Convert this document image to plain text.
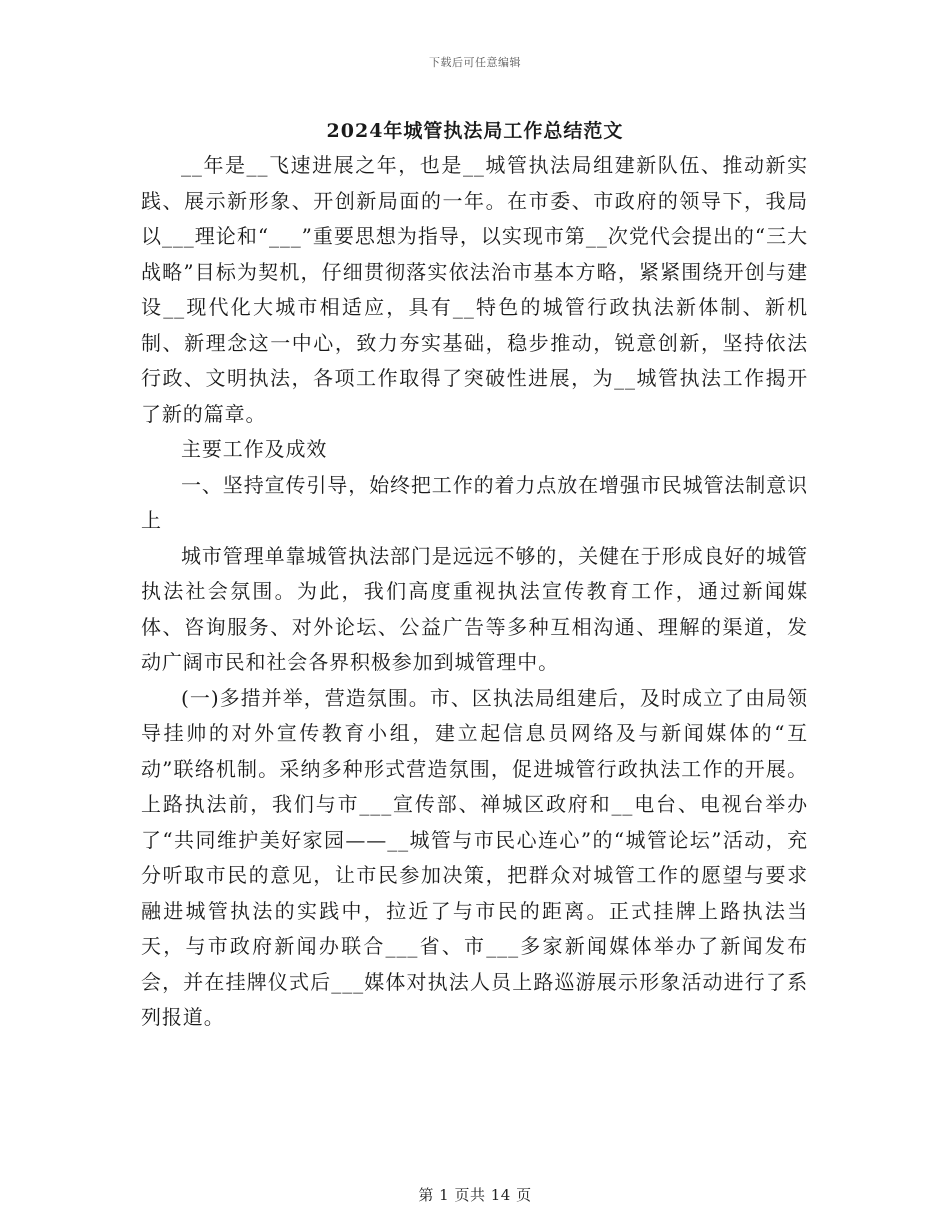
下载后可任意编辑
2024年城管执法局工作总结范文

__年是__飞速进展之年，也是__城管执法局组建新队伍、推动新实践、展示新形象、开创新局面的一年。在市委、市政府的领导下，我局以___理论和“___”重要思想为指导，以实现市第__次党代会提出的“三大战略”目标为契机，仔细贯彻落实依法治市基本方略，紧紧围绕开创与建设__现代化大城市相适应，具有__特色的城管行政执法新体制、新机制、新理念这一中心，致力夯实基础，稳步推动，锐意创新，坚持依法行政、文明执法，各项工作取得了突破性进展，为__城管执法工作揭开了新的篇章。

主要工作及成效

一、坚持宣传引导，始终把工作的着力点放在增强市民城管法制意识上

城市管理单靠城管执法部门是远远不够的，关健在于形成良好的城管执法社会氛围。为此，我们高度重视执法宣传教育工作，通过新闻媒体、咨询服务、对外论坛、公益广告等多种互相沟通、理解的渠道，发动广阔市民和社会各界积极参加到城管理中。

(一)多措并举，营造氛围。市、区执法局组建后，及时成立了由局领导挂帅的对外宣传教育小组，建立起信息员网络及与新闻媒体的“互动”联络机制。采纳多种形式营造氛围，促进城管行政执法工作的开展。上路执法前，我们与市___宣传部、禅城区政府和__电台、电视台举办了“共同维护美好家园——__城管与市民心连心”的“城管论坛”活动，充分听取市民的意见，让市民参加决策，把群众对城管工作的愿望与要求融进城管执法的实践中，拉近了与市民的距离。正式挂牌上路执法当天，与市政府新闻办联合___省、市___多家新闻媒体举办了新闻发布会，并在挂牌仪式后___媒体对执法人员上路巡游展示形象活动进行了系列报道。

第 1 页共 14 页
